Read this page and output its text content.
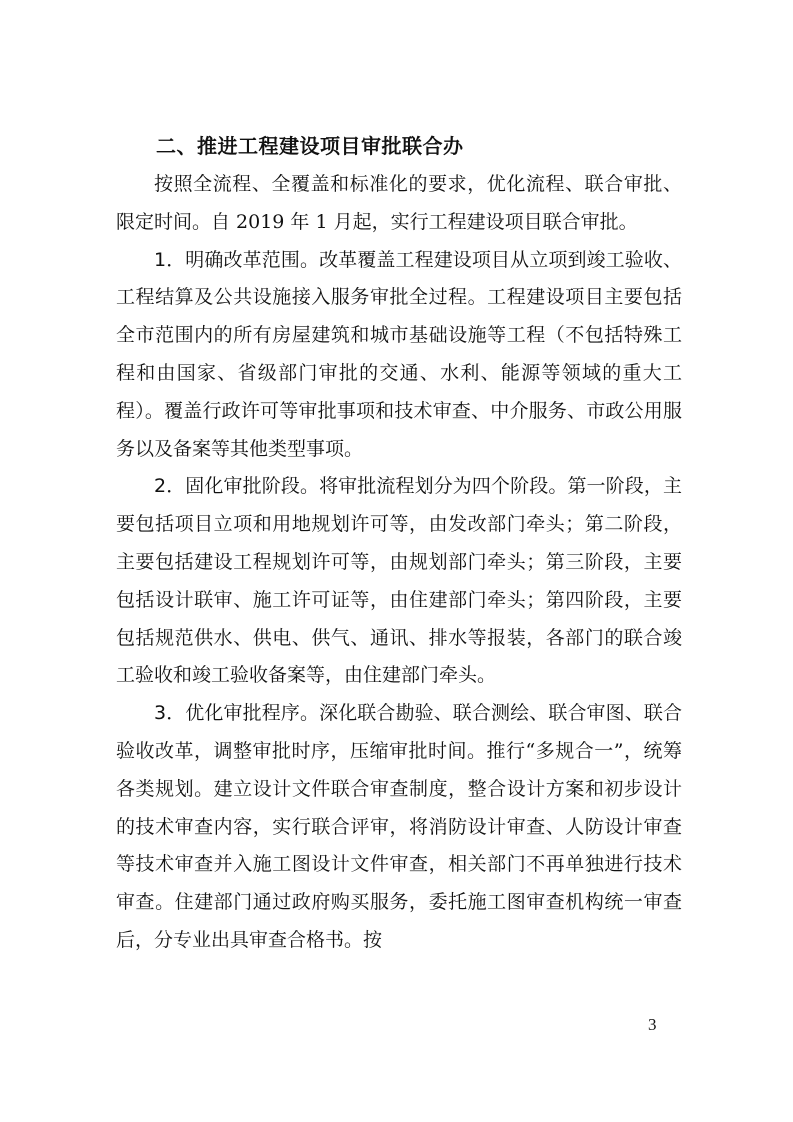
二、推进工程建设项目审批联合办

按照全流程、全覆盖和标准化的要求，优化流程、联合审批、限定时间。自 2019 年 1 月起，实行工程建设项目联合审批。

1．明确改革范围。改革覆盖工程建设项目从立项到竣工验收、工程结算及公共设施接入服务审批全过程。工程建设项目主要包括全市范围内的所有房屋建筑和城市基础设施等工程（不包括特殊工程和由国家、省级部门审批的交通、水利、能源等领域的重大工程）。覆盖行政许可等审批事项和技术审查、中介服务、市政公用服务以及备案等其他类型事项。

2．固化审批阶段。将审批流程划分为四个阶段。第一阶段，主要包括项目立项和用地规划许可等，由发改部门牵头；第二阶段，主要包括建设工程规划许可等，由规划部门牵头；第三阶段，主要包括设计联审、施工许可证等，由住建部门牵头；第四阶段，主要包括规范供水、供电、供气、通讯、排水等报装，各部门的联合竣工验收和竣工验收备案等，由住建部门牵头。

3．优化审批程序。深化联合勘验、联合测绘、联合审图、联合验收改革，调整审批时序，压缩审批时间。推行“多规合一”，统筹各类规划。建立设计文件联合审查制度，整合设计方案和初步设计的技术审查内容，实行联合评审，将消防设计审查、人防设计审查等技术审查并入施工图设计文件审查，相关部门不再单独进行技术审查。住建部门通过政府购买服务，委托施工图审查机构统一审查后，分专业出具审查合格书。按

3
